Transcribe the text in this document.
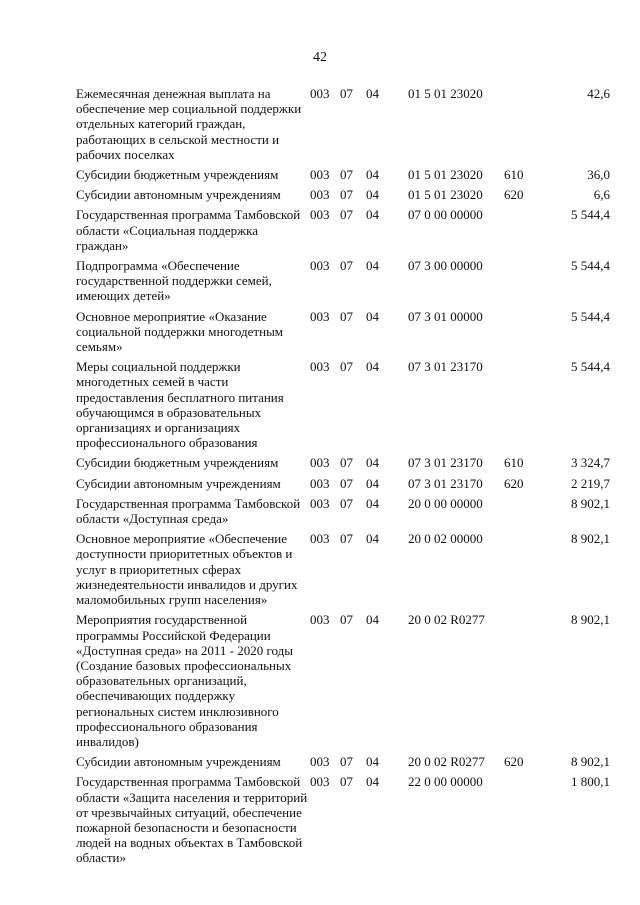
42
Ежемесячная денежная выплата на обеспечение мер социальной поддержки отдельных категорий граждан, работающих в сельской местности и рабочих поселках	003	07	04	01 5 01 23020		42,6
Субсидии бюджетным учреждениям	003	07	04	01 5 01 23020	610	36,0
Субсидии автономным учреждениям	003	07	04	01 5 01 23020	620	6,6
Государственная программа Тамбовской области «Социальная поддержка граждан»	003	07	04	07 0 00 00000		5 544,4
Подпрограмма «Обеспечение государственной поддержки семей, имеющих детей»	003	07	04	07 3 00 00000		5 544,4
Основное мероприятие «Оказание социальной поддержки многодетным семьям»	003	07	04	07 3 01 00000		5 544,4
Меры социальной поддержки многодетных семей в части предоставления бесплатного питания обучающимся в образовательных организациях и организациях профессионального образования	003	07	04	07 3 01 23170		5 544,4
Субсидии бюджетным учреждениям	003	07	04	07 3 01 23170	610	3 324,7
Субсидии автономным учреждениям	003	07	04	07 3 01 23170	620	2 219,7
Государственная программа Тамбовской области «Доступная среда»	003	07	04	20 0 00 00000		8 902,1
Основное мероприятие «Обеспечение доступности приоритетных объектов и услуг в приоритетных сферах жизнедеятельности инвалидов и других маломобильных групп населения»	003	07	04	20 0 02 00000		8 902,1
Мероприятия государственной программы Российской Федерации «Доступная среда» на 2011 - 2020 годы (Создание базовых профессиональных образовательных организаций, обеспечивающих поддержку региональных систем инклюзивного профессионального образования инвалидов)	003	07	04	20 0 02 R0277		8 902,1
Субсидии автономным учреждениям	003	07	04	20 0 02 R0277	620	8 902,1
Государственная программа Тамбовской области «Защита населения и территорий от чрезвычайных ситуаций, обеспечение пожарной безопасности и безопасности людей на водных объектах в Тамбовской области»	003	07	04	22 0 00 00000		1 800,1
